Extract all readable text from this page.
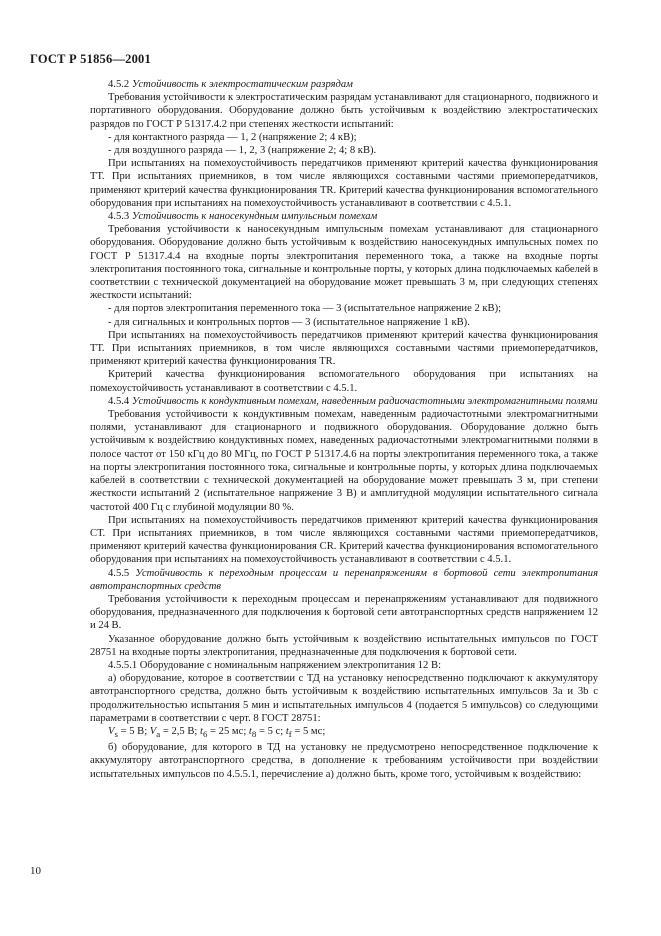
ГОСТ Р 51856—2001

4.5.2 Устойчивость к электростатическим разрядам

Требования устойчивости к электростатическим разрядам устанавливают для стационарного, подвижного и портативного оборудования. Оборудование должно быть устойчивым к воздействию электростатических разрядов по ГОСТ Р 51317.4.2 при степенях жесткости испытаний:

- для контактного разряда — 1, 2 (напряжение 2; 4 кВ);

- для воздушного разряда — 1, 2, 3 (напряжение 2; 4; 8 кВ).

При испытаниях на помехоустойчивость передатчиков применяют критерий качества функционирования ТТ. При испытаниях приемников, в том числе являющихся составными частями приемопередатчиков, применяют критерий качества функционирования TR. Критерий качества функционирования вспомогательного оборудования при испытаниях на помехоустойчивость устанавливают в соответствии с 4.5.1.

4.5.3 Устойчивость к наносекундным импульсным помехам

Требования устойчивости к наносекундным импульсным помехам устанавливают для стационарного оборудования. Оборудование должно быть устойчивым к воздействию наносекундных импульсных помех по ГОСТ Р 51317.4.4 на входные порты электропитания переменного тока, а также на входные порты электропитания постоянного тока, сигнальные и контрольные порты, у которых длина подключаемых кабелей в соответствии с технической документацией на оборудование может превышать 3 м, при следующих степенях жесткости испытаний:

- для портов электропитания переменного тока — 3 (испытательное напряжение 2 кВ);

- для сигнальных и контрольных портов — 3 (испытательное напряжение 1 кВ).

При испытаниях на помехоустойчивость передатчиков применяют критерий качества функционирования ТТ. При испытаниях приемников, в том числе являющихся составными частями приемопередатчиков, применяют критерий качества функционирования TR.

Критерий качества функционирования вспомогательного оборудования при испытаниях на помехоустойчивость устанавливают в соответствии с 4.5.1.

4.5.4 Устойчивость к кондуктивным помехам, наведенным радиочастотными электромагнитными полями

Требования устойчивости к кондуктивным помехам, наведенным радиочастотными электромагнитными полями, устанавливают для стационарного и подвижного оборудования. Оборудование должно быть устойчивым к воздействию кондуктивных помех, наведенных радиочастотными электромагнитными полями в полосе частот от 150 кГц до 80 МГц, по ГОСТ Р 51317.4.6 на порты электропитания переменного тока, а также на порты электропитания постоянного тока, сигнальные и контрольные порты, у которых длина подключаемых кабелей в соответствии с технической документацией на оборудование может превышать 3 м, при степени жесткости испытаний 2 (испытательное напряжение 3 В) и амплитудной модуляции испытательного сигнала частотой 400 Гц с глубиной модуляции 80 %.

При испытаниях на помехоустойчивость передатчиков применяют критерий качества функционирования СТ. При испытаниях приемников, в том числе являющихся составными частями приемопередатчиков, применяют критерий качества функционирования CR. Критерий качества функционирования вспомогательного оборудования при испытаниях на помехоустойчивость устанавливают в соответствии с 4.5.1.

4.5.5 Устойчивость к переходным процессам и перенапряжениям в бортовой сети электропитания автотранспортных средств

Требования устойчивости к переходным процессам и перенапряжениям устанавливают для подвижного оборудования, предназначенного для подключения к бортовой сети автотранспортных средств напряжением 12 и 24 В.

Указанное оборудование должно быть устойчивым к воздействию испытательных импульсов по ГОСТ 28751 на входные порты электропитания, предназначенные для подключения к бортовой сети.

4.5.5.1 Оборудование с номинальным напряжением электропитания 12 В:

а) оборудование, которое в соответствии с ТД на установку непосредственно подключают к аккумулятору автотранспортного средства, должно быть устойчивым к воздействию испытательных импульсов 3а и 3b с продолжительностью испытания 5 мин и испытательных импульсов 4 (подается 5 импульсов) со следующими параметрами в соответствии с черт. 8 ГОСТ 28751:

$V_s = 5$ В; $V_a = 2,5$ В; $t_6 = 25$ мс; $t_8 = 5$ с; $t_f = 5$ мс;

б) оборудование, для которого в ТД на установку не предусмотрено непосредственное подключение к аккумулятору автотранспортного средства, в дополнение к требованиям устойчивости при воздействии испытательных импульсов по 4.5.5.1, перечисление а) должно быть, кроме того, устойчивым к воздействию:

10
